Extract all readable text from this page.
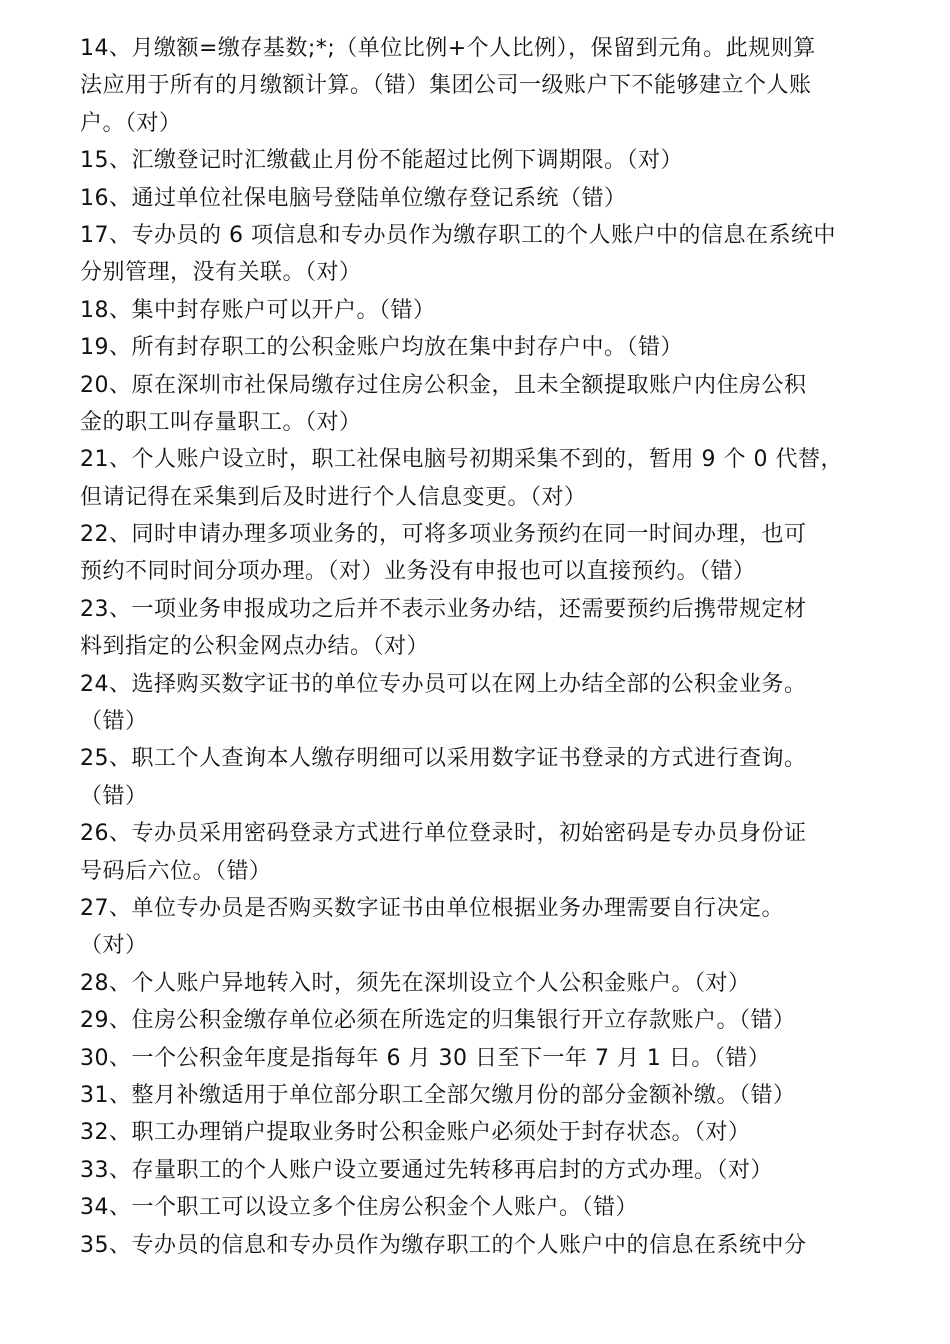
14、月缴额=缴存基数;*;（单位比例+个人比例），保留到元角。此规则算
法应用于所有的月缴额计算。（错）集团公司一级账户下不能够建立个人账
户。（对）
15、汇缴登记时汇缴截止月份不能超过比例下调期限。（对）
16、通过单位社保电脑号登陆单位缴存登记系统（错）
17、专办员的 6 项信息和专办员作为缴存职工的个人账户中的信息在系统中
分别管理，没有关联。（对）
18、集中封存账户可以开户。（错）
19、所有封存职工的公积金账户均放在集中封存户中。（错）
20、原在深圳市社保局缴存过住房公积金，且未全额提取账户内住房公积
金的职工叫存量职工。（对）
21、个人账户设立时，职工社保电脑号初期采集不到的，暂用 9 个 0 代替，
但请记得在采集到后及时进行个人信息变更。（对）
22、同时申请办理多项业务的，可将多项业务预约在同一时间办理，也可
预约不同时间分项办理。（对）业务没有申报也可以直接预约。（错）
23、一项业务申报成功之后并不表示业务办结，还需要预约后携带规定材
料到指定的公积金网点办结。（对）
24、选择购买数字证书的单位专办员可以在网上办结全部的公积金业务。
（错）
25、职工个人查询本人缴存明细可以采用数字证书登录的方式进行查询。
（错）
26、专办员采用密码登录方式进行单位登录时，初始密码是专办员身份证
号码后六位。（错）
27、单位专办员是否购买数字证书由单位根据业务办理需要自行决定。
（对）
28、个人账户异地转入时，须先在深圳设立个人公积金账户。（对）
29、住房公积金缴存单位必须在所选定的归集银行开立存款账户。（错）
30、一个公积金年度是指每年 6 月 30 日至下一年 7 月 1 日。（错）
31、整月补缴适用于单位部分职工全部欠缴月份的部分金额补缴。（错）
32、职工办理销户提取业务时公积金账户必须处于封存状态。（对）
33、存量职工的个人账户设立要通过先转移再启封的方式办理。（对）
34、一个职工可以设立多个住房公积金个人账户。（错）
35、专办员的信息和专办员作为缴存职工的个人账户中的信息在系统中分
